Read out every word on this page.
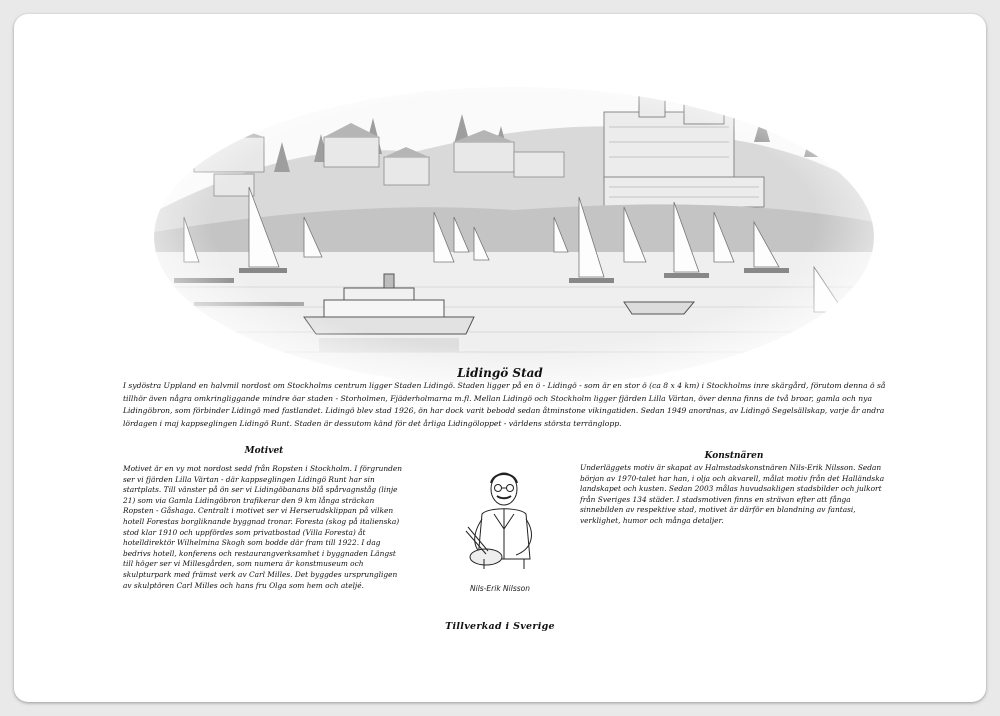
Lidingö Stad
I sydöstra Uppland en halvmil nordost om Stockholms centrum ligger Staden Lidingö. Staden ligger på en ö - Lidingö - som är en stor ö (ca 8 x 4 km) i Stockholms inre skärgård, förutom denna ö så tillhör även några omkringliggande mindre öar staden - Storholmen, Fjäderholmarna m.fl. Mellan Lidingö och Stockholm ligger fjärden Lilla Värtan, över denna finns de två broar, gamla och nya Lidingöbron, som förbinder Lidingö med fastlandet. Lidingö blev stad 1926, ön har dock varit bebodd sedan åtminstone vikingatiden. Sedan 1949 anordnas, av Lidingö Segelsällskap, varje år andra lördagen i maj kappseglingen Lidingö Runt. Staden är dessutom känd för det årliga Lidingöloppet - världens största terränglopp.
Motivet
Motivet är en vy mot nordost sedd från Ropsten i Stockholm. I förgrunden ser vi fjärden Lilla Värtan - där kappseglingen Lidingö Runt har sin startplats. Till vänster på ön ser vi Lidingöbanans blå spårvagnståg (linje 21) som via Gamla Lidingöbron trafikerar den 9 km långa sträckan Ropsten - Gåshaga. Centralt i motivet ser vi Herserudsklippan på vilken hotell Forestas borgliknande byggnad tronar. Foresta (skog på italienska) stod klar 1910 och uppfördes som privatbostad (Villa Foresta) åt hotelldirektör Wilhelmina Skogh som bodde där fram till 1922. I dag bedrivs hotell, konferens och restaurangverksamhet i byggnaden Längst till höger ser vi Millesgården, som numera är konstmuseum och skulpturpark med främst verk av Carl Milles. Det byggdes ursprungligen av skulptören Carl Milles och hans fru Olga som hem och ateljé.	Nils-Erik Nilsson
Konstnären
Underläggets motiv är skapat av Halmstadskonstnären Nils-Erik Nilsson. Sedan början av 1970-talet har han, i olja och akvarell, målat motiv från det Halländska landskapet och kusten. Sedan 2003 målas huvudsakligen stadsbilder och julkort från Sveriges 134 städer. I stadsmotiven finns en strävan efter att fånga sinnebilden av respektive stad, motivet är därför en blandning av fantasi, verklighet, humor och många detaljer.
Tillverkad i Sverige
